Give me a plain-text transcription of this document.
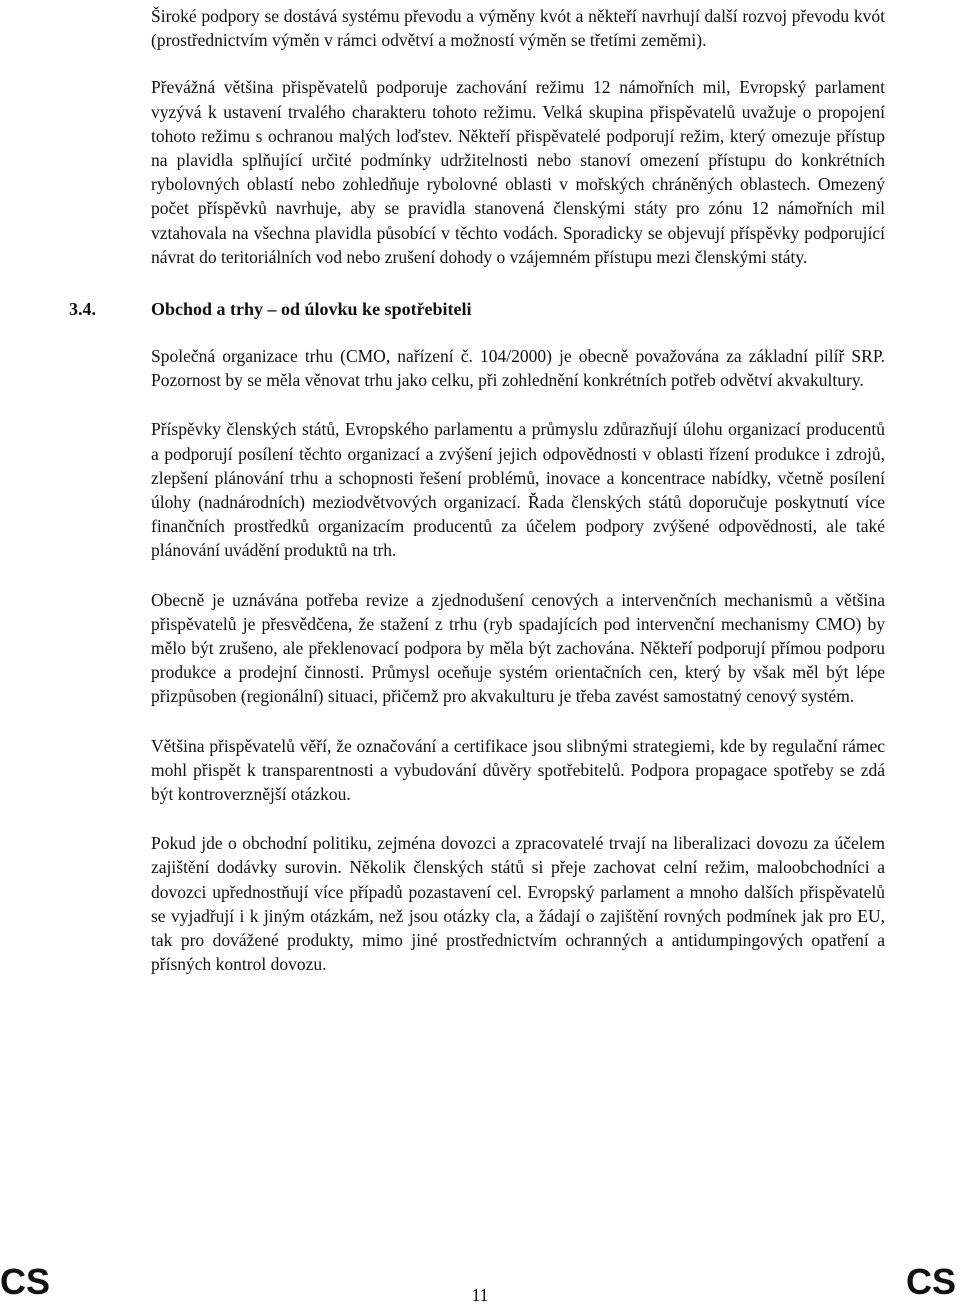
Široké podpory se dostává systému převodu a výměny kvót a někteří navrhují další rozvoj převodu kvót (prostřednictvím výměn v rámci odvětví a možností výměn se třetími zeměmi).

Převážná většina přispěvatelů podporuje zachování režimu 12 námořních mil, Evropský parlament vyzývá k ustavení trvalého charakteru tohoto režimu. Velká skupina přispěvatelů uvažuje o propojení tohoto režimu s ochranou malých loďstev. Někteří přispěvatelé podporují režim, který omezuje přístup na plavidla splňující určité podmínky udržitelnosti nebo stanoví omezení přístupu do konkrétních rybolovných oblastí nebo zohledňuje rybolovné oblasti v mořských chráněných oblastech. Omezený počet příspěvků navrhuje, aby se pravidla stanovená členskými státy pro zónu 12 námořních mil vztahovala na všechna plavidla působící v těchto vodách. Sporadicky se objevují příspěvky podporující návrat do teritoriálních vod nebo zrušení dohody o vzájemném přístupu mezi členskými státy.

3.4.	Obchod a trhy – od úlovku ke spotřebiteli

Společná organizace trhu (CMO, nařízení č. 104/2000) je obecně považována za základní pilíř SRP. Pozornost by se měla věnovat trhu jako celku, při zohlednění konkrétních potřeb odvětví akvakultury.

Příspěvky členských států, Evropského parlamentu a průmyslu zdůrazňují úlohu organizací producentů a podporují posílení těchto organizací a zvýšení jejich odpovědnosti v oblasti řízení produkce i zdrojů, zlepšení plánování trhu a schopnosti řešení problémů, inovace a koncentrace nabídky, včetně posílení úlohy (nadnárodních) meziodvětvových organizací. Řada členských států doporučuje poskytnutí více finančních prostředků organizacím producentů za účelem podpory zvýšené odpovědnosti, ale také plánování uvádění produktů na trh.

Obecně je uznávána potřeba revize a zjednodušení cenových a intervenčních mechanismů a většina přispěvatelů je přesvědčena, že stažení z trhu (ryb spadajících pod intervenční mechanismy CMO) by mělo být zrušeno, ale překlenovací podpora by měla být zachována. Někteří podporují přímou podporu produkce a prodejní činnosti. Průmysl oceňuje systém orientačních cen, který by však měl být lépe přizpůsoben (regionální) situaci, přičemž pro akvakulturu je třeba zavést samostatný cenový systém.

Většina přispěvatelů věří, že označování a certifikace jsou slibnými strategiemi, kde by regulační rámec mohl přispět k transparentnosti a vybudování důvěry spotřebitelů. Podpora propagace spotřeby se zdá být kontroverznější otázkou.

Pokud jde o obchodní politiku, zejména dovozci a zpracovatelé trvají na liberalizaci dovozu za účelem zajištění dodávky surovin. Několik členských států si přeje zachovat celní režim, maloobchodníci a dovozci upřednostňují více případů pozastavení cel. Evropský parlament a mnoho dalších přispěvatelů se vyjadřují i k jiným otázkám, než jsou otázky cla, a žádají o zajištění rovných podmínek jak pro EU, tak pro dovážené produkty, mimo jiné prostřednictvím ochranných a antidumpingových opatření a přísných kontrol dovozu.

CS	11	CS
